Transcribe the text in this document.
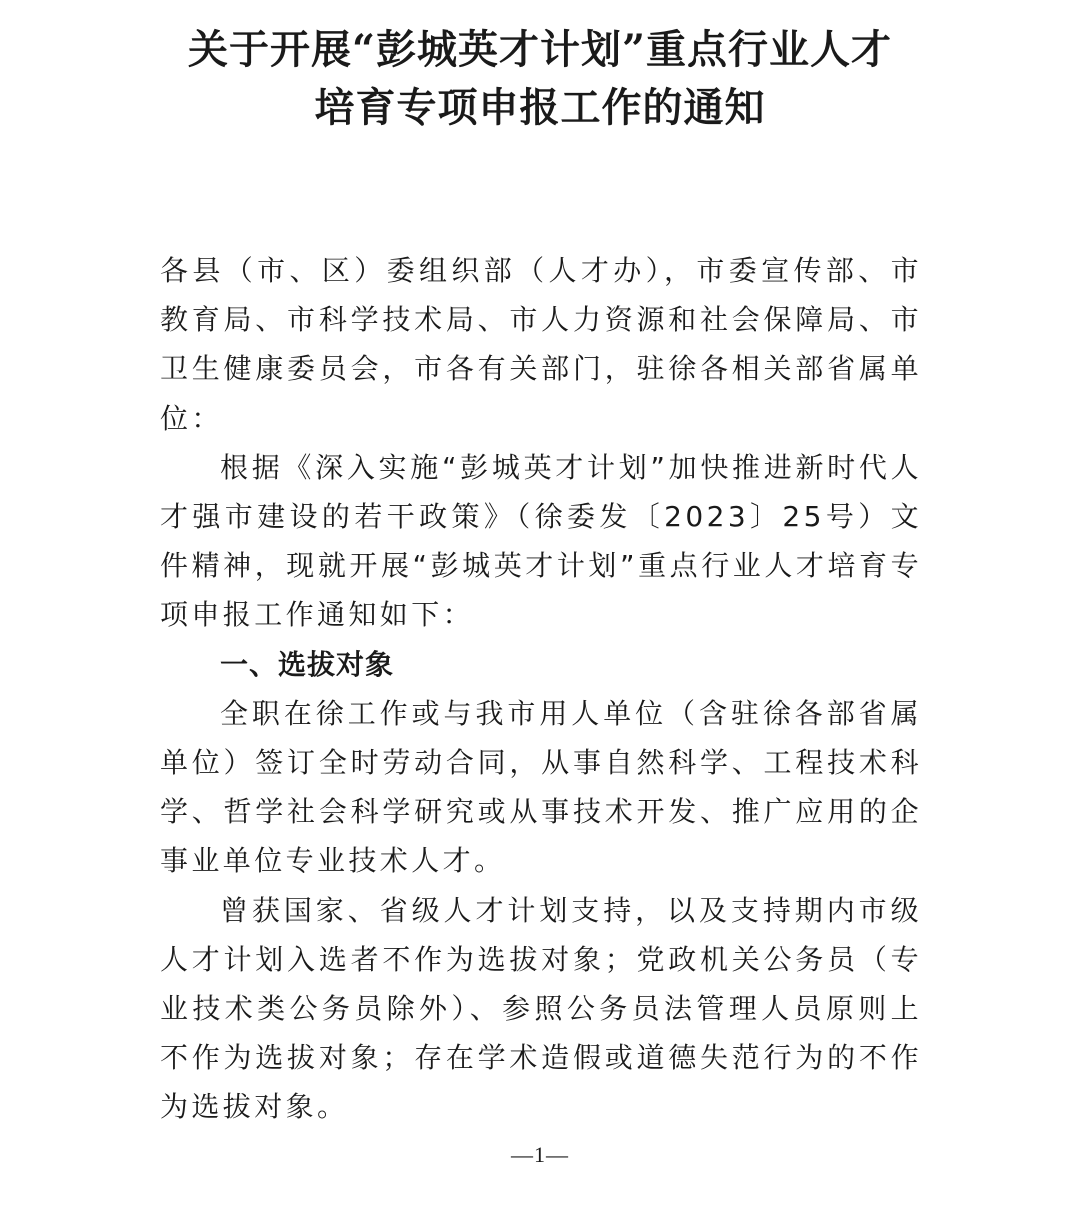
关于开展“彭城英才计划”重点行业人才
培育专项申报工作的通知

各县（市、区）委组织部（人才办），市委宣传部、市教育局、市科学技术局、市人力资源和社会保障局、市卫生健康委员会，市各有关部门，驻徐各相关部省属单位：

根据《深入实施“彭城英才计划”加快推进新时代人才强市建设的若干政策》（徐委发〔2023〕25号）文件精神，现就开展“彭城英才计划”重点行业人才培育专项申报工作通知如下：

一、选拔对象

全职在徐工作或与我市用人单位（含驻徐各部省属单位）签订全时劳动合同，从事自然科学、工程技术科学、哲学社会科学研究或从事技术开发、推广应用的企事业单位专业技术人才。

曾获国家、省级人才计划支持，以及支持期内市级人才计划入选者不作为选拔对象；党政机关公务员（专业技术类公务员除外）、参照公务员法管理人员原则上不作为选拔对象；存在学术造假或道德失范行为的不作为选拔对象。

—1—
